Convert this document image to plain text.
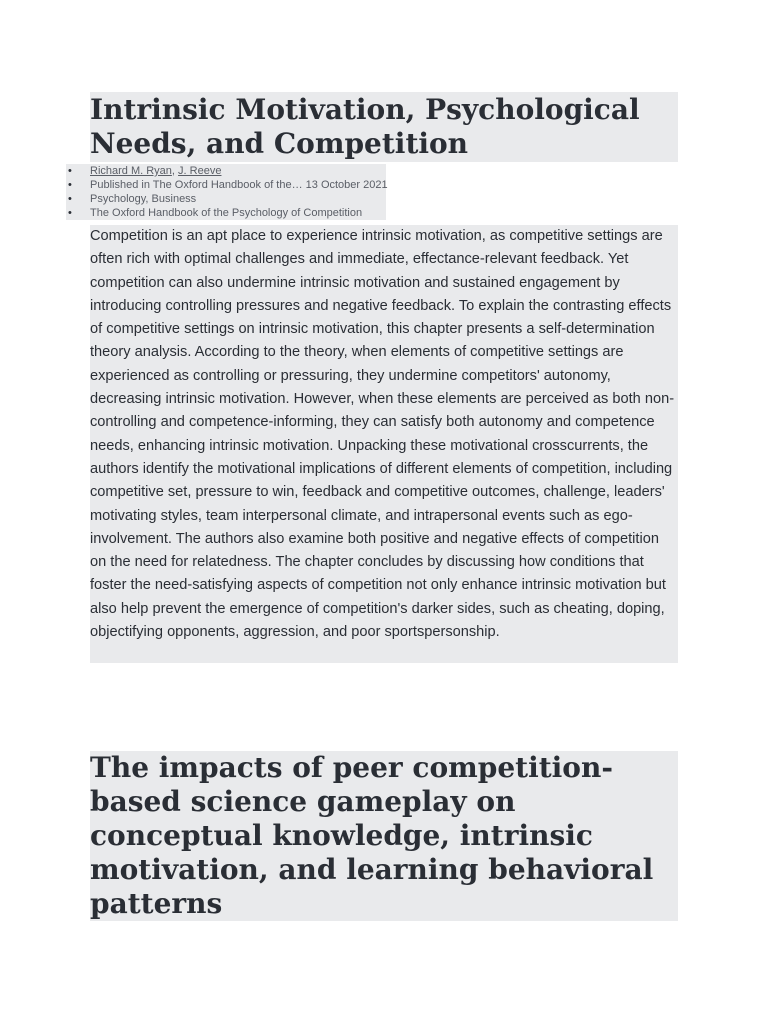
Intrinsic Motivation, Psychological Needs, and Competition
• Richard M. Ryan, J. Reeve
• Published in The Oxford Handbook of the… 13 October 2021
• Psychology, Business
• The Oxford Handbook of the Psychology of Competition

Competition is an apt place to experience intrinsic motivation, as competitive settings are often rich with optimal challenges and immediate, effectance-relevant feedback. Yet competition can also undermine intrinsic motivation and sustained engagement by introducing controlling pressures and negative feedback. To explain the contrasting effects of competitive settings on intrinsic motivation, this chapter presents a self-determination theory analysis. According to the theory, when elements of competitive settings are experienced as controlling or pressuring, they undermine competitors' autonomy, decreasing intrinsic motivation. However, when these elements are perceived as both non-controlling and competence-informing, they can satisfy both autonomy and competence needs, enhancing intrinsic motivation. Unpacking these motivational crosscurrents, the authors identify the motivational implications of different elements of competition, including competitive set, pressure to win, feedback and competitive outcomes, challenge, leaders' motivating styles, team interpersonal climate, and intrapersonal events such as ego-involvement. The authors also examine both positive and negative effects of competition on the need for relatedness. The chapter concludes by discussing how conditions that foster the need-satisfying aspects of competition not only enhance intrinsic motivation but also help prevent the emergence of competition's darker sides, such as cheating, doping, objectifying opponents, aggression, and poor sportspersonship.

The impacts of peer competition-based science gameplay on conceptual knowledge, intrinsic motivation, and learning behavioral patterns
